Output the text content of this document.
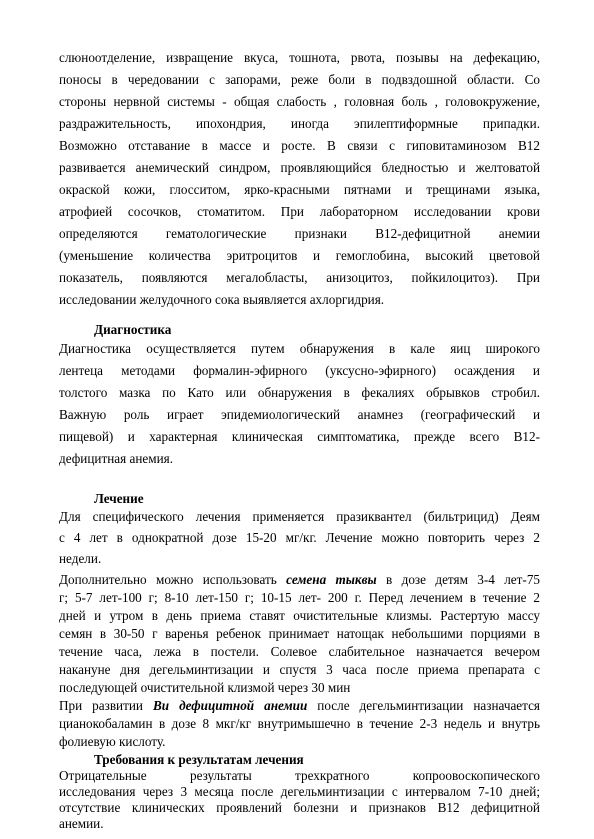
слюноотделение, извращение вкуса, тошнота, рвота, позывы на дефекацию,
поносы в чередовании с запорами, реже боли в подвздошной области. Со
стороны нервной системы - общая слабость , головная боль , головокружение,
раздражительность, ипохондрия, иногда эпилептиформные припадки.
Возможно отставание в массе и росте. В связи с гиповитаминозом В12
развивается анемический синдром, проявляющийся бледностью и желтоватой
окраской кожи, глосситом, ярко-красными пятнами и трещинами языка,
атрофией сосочков, стоматитом. При лабораторном исследовании крови
определяются гематологические признаки В12-дефицитной анемии
(уменьшение количества эритроцитов и гемоглобина, высокий цветовой
показатель, появляются мегалобласты, анизоцитоз, пойкилоцитоз). При
исследовании желудочного сока выявляется ахлоргидрия.
Диагностика
Диагностика осуществляется путем обнаружения в кале яиц широкого
лентеца методами формалин-эфирного (уксусно-эфирного) осаждения и
толстого мазка по Като или обнаружения в фекалиях обрывков стробил.
Важную роль играет эпидемиологический анамнез (географический и
пищевой) и характерная клиническая симптоматика, прежде всего В12-
дефицитная анемия.
Лечение
Для специфического лечения применяется празиквантел (бильтрицид) Деям
с 4 лет в однократной дозе 15-20 мг/кг. Лечение можно повторить через 2
недели.
Дополнительно можно использовать семена тыквы в дозе детям 3-4 лет-75
г; 5-7 лет-100 г; 8-10 лет-150 г; 10-15 лет- 200 г. Перед лечением в течение 2
дней и утром в день приема ставят очистительные клизмы. Растертую массу
семян в 30-50 г варенья ребенок принимает натощак небольшими порциями в
течение часа, лежа в постели. Солевое слабительное назначается вечером
накануне дня дегельминтизации и спустя 3 часа после приема препарата с
последующей очистительной клизмой через 30 мин
При развитии Ви дефицитной анемии после дегельминтизации назначается
цианокобаламин в дозе 8 мкг/кг внутримышечно в течение 2-3 недель и внутрь
фолиевую кислоту.
Требования к результатам лечения
Отрицательные результаты трехкратного копроовоскопического
исследования через 3 месяца после дегельминтизации с интервалом 7-10 дней;
отсутствие клинических проявлений болезни и признаков В12 дефицитной
анемии.
